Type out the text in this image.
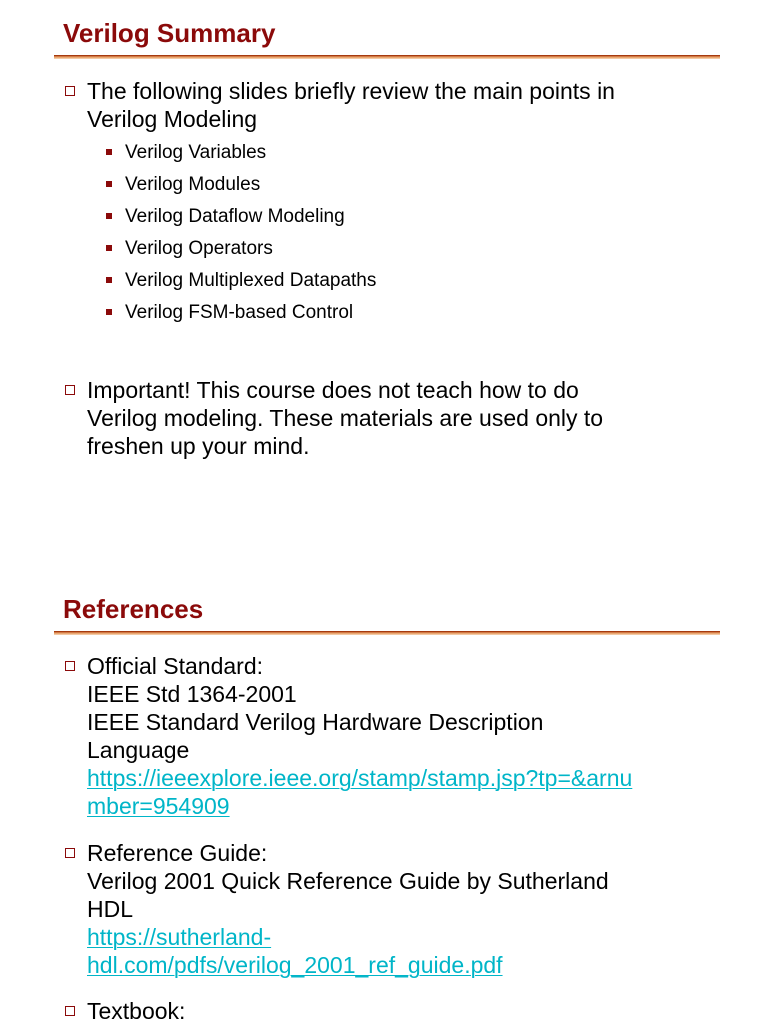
Verilog Summary
The following slides briefly review the main points in
Verilog Modeling
Verilog Variables
Verilog Modules
Verilog Dataflow Modeling
Verilog Operators
Verilog Multiplexed Datapaths
Verilog FSM-based Control
Important! This course does not teach how to do
Verilog modeling. These materials are used only to
freshen up your mind.
References
Official Standard:
IEEE Std 1364-2001
IEEE Standard Verilog Hardware Description
Language
https://ieeexplore.ieee.org/stamp/stamp.jsp?tp=&arnu
mber=954909
Reference Guide:
Verilog 2001 Quick Reference Guide by Sutherland
HDL
https://sutherland-
hdl.com/pdfs/verilog_2001_ref_guide.pdf
Textbook:
